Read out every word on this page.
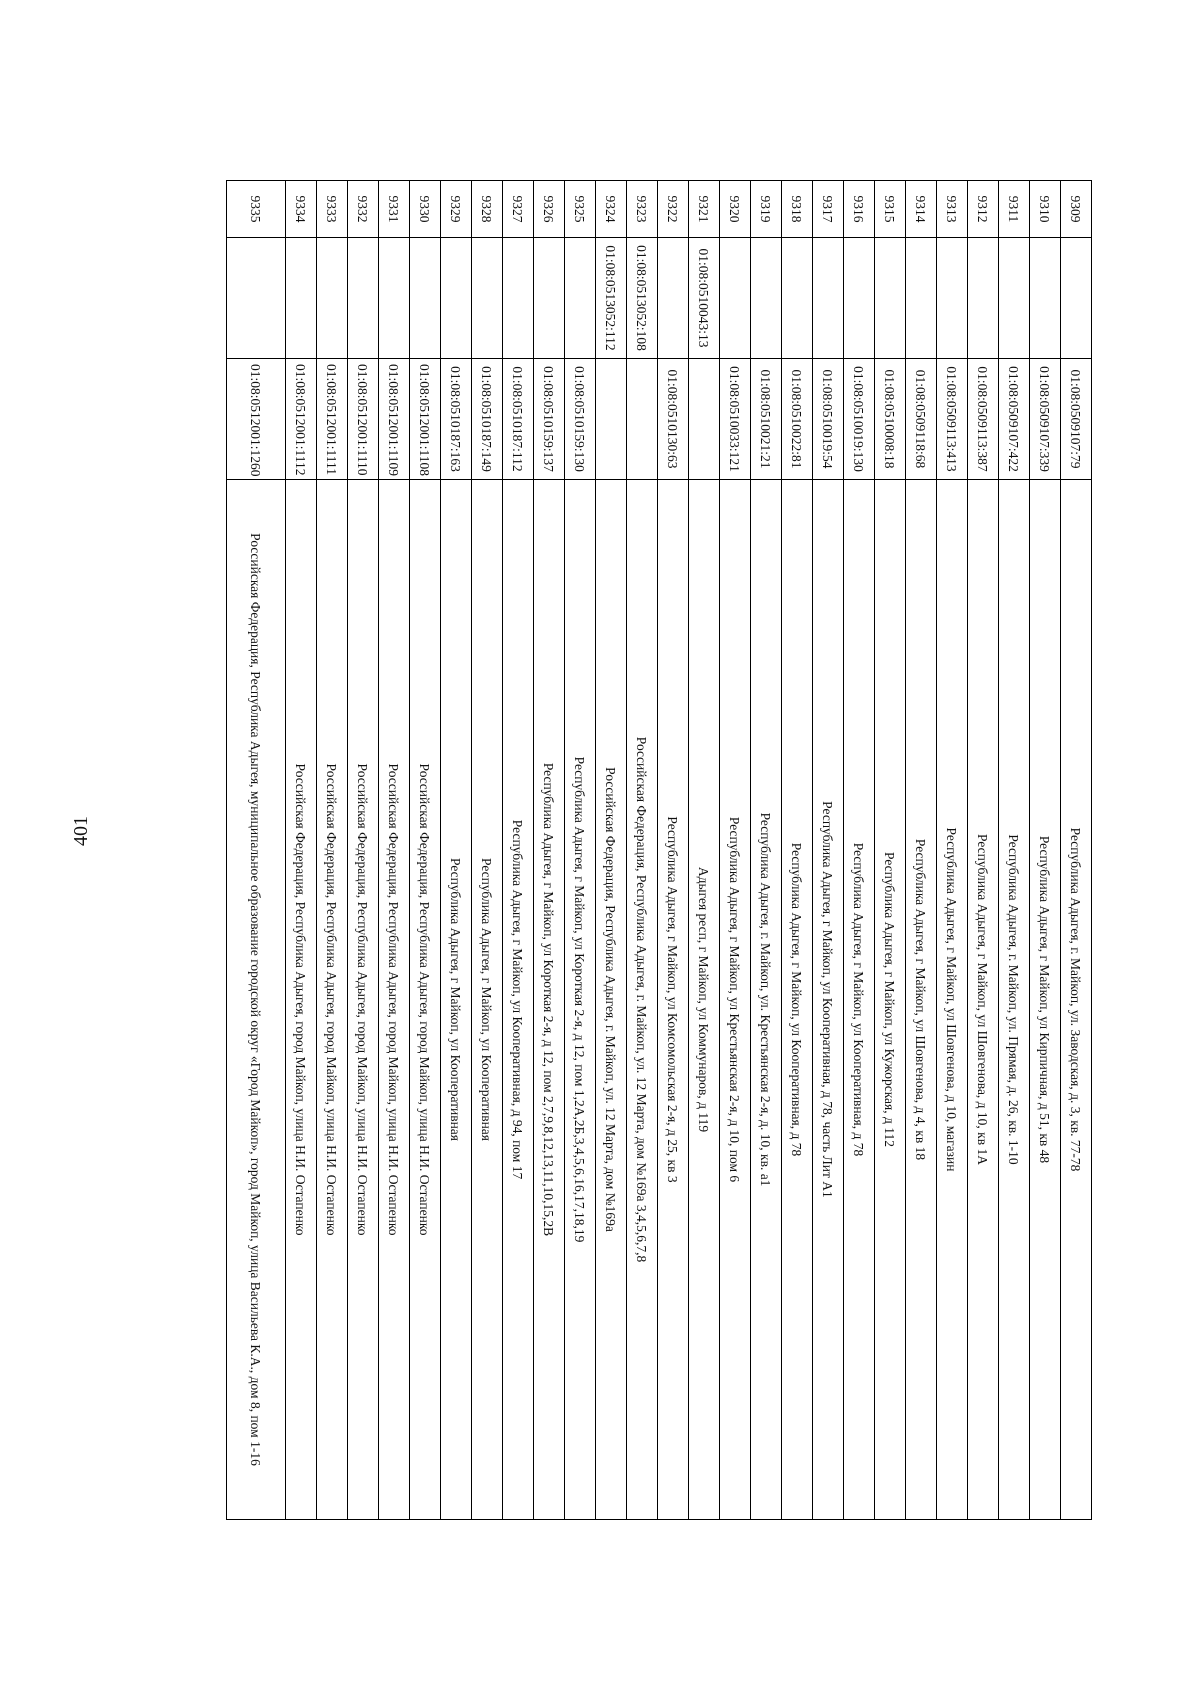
401
9309		01:08:0509107:79	Республика Адыгея, г. Майкоп, ул. Заводская, д. 3, кв. 77-78
9310		01:08:0509107:339	Республика Адыгея, г Майкоп, ул Кирпичная, д 51, кв 48
9311		01:08:0509107:422	Республика Адыгея, г. Майкоп, ул. Прямая, д. 26, кв. 1-10
9312		01:08:0509113:387	Республика Адыгея, г Майкоп, ул Шовгенова, д 10, кв 1А
9313		01:08:0509113:413	Республика Адыгея, г Майкоп, ул Шовгенова, д 10, магазин
9314		01:08:0509118:68	Республика Адыгея, г Майкоп, ул Шовгенова, д 4, кв 18
9315		01:08:0510008:18	Республика Адыгея, г Майкоп, ул Кужорская, д 112
9316		01:08:0510019:130	Республика Адыгея, г Майкоп, ул Кооперативная, д 78
9317		01:08:0510019:54	Республика Адыгея, г Майкоп, ул Кооперативная, д 78, часть Лит А1
9318		01:08:0510022:81	Республика Адыгея, г Майкоп, ул Кооперативная, д 78
9319		01:08:0510021:21	Республика Адыгея, г. Майкоп, ул. Крестьянская 2-я, д. 10, кв. а1
9320		01:08:0510033:121	Республика Адыгея, г Майкоп, ул Крестьянская 2-я, д 10, пом 6
9321	01:08:0510043:13		Адыгея респ, г Майкоп, ул Коммунаров, д 119
9322		01:08:0510130:63	Республика Адыгея, г Майкоп, ул Комсомольская 2-я, д 25, кв 3
9323	01:08:0513052:108		Российская Федерация, Республика Адыгея, г. Майкоп, ул. 12 Марта, дом №169а 3,4,5,6,7,8
9324	01:08:0513052:112		Российская Федерация, Республика Адыгея, г. Майкоп, ул. 12 Марта, дом №169а
9325		01:08:0510159:130	Республика Адыгея, г Майкоп, ул Короткая 2-я, д 12, пом 1,2А,2Б,3,4,5,6,16,17,18,19
9326		01:08:0510159:137	Республика Адыгея, г Майкоп, ул Короткая 2-я, д 12, пом 2,7,9,8,12,13,11,10,15,2В
9327		01:08:0510187:112	Республика Адыгея, г Майкоп, ул Кооперативная, д 94, пом 17
9328		01:08:0510187:149	Республика Адыгея, г Майкоп, ул Кооперативная
9329		01:08:0510187:163	Республика Адыгея, г Майкоп, ул Кооперативная
9330		01:08:0512001:1108	Российская Федерация, Республика Адыгея, город Майкоп, улица Н.И. Остапенко
9331		01:08:0512001:1109	Российская Федерация, Республика Адыгея, город Майкоп, улица Н.И. Остапенко
9332		01:08:0512001:1110	Российская Федерация, Республика Адыгея, город Майкоп, улица Н.И. Остапенко
9333		01:08:0512001:1111	Российская Федерация, Республика Адыгея, город Майкоп, улица Н.И. Остапенко
9334		01:08:0512001:1112	Российская Федерация, Республика Адыгея, город Майкоп, улица Н.И. Остапенко
9335		01:08:0512001:1260	Российская Федерация, Республика Адыгея, муниципальное образование городской округ «Город Майкоп», город Майкоп, улица Васильева К.А., дом 8, пом 1-16
